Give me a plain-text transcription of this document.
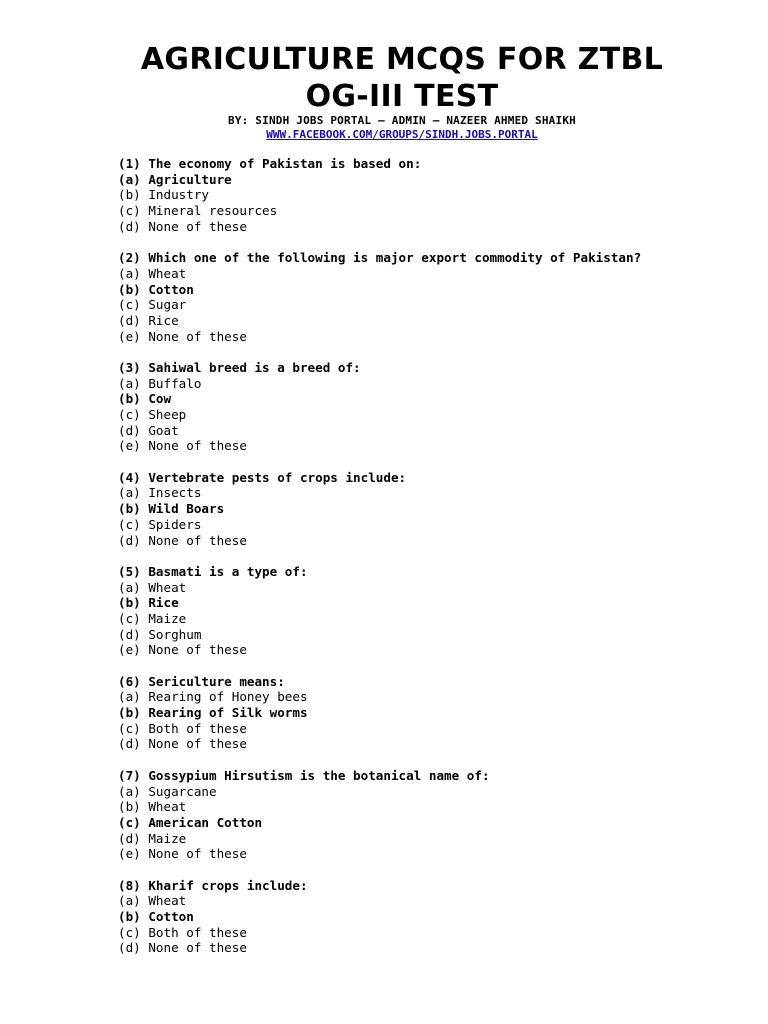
AGRICULTURE MCQS FOR ZTBL
OG-III TEST
BY: SINDH JOBS PORTAL – ADMIN – NAZEER AHMED SHAIKH
WWW.FACEBOOK.COM/GROUPS/SINDH.JOBS.PORTAL
(1) The economy of Pakistan is based on:
(a) Agriculture
(b) Industry
(c) Mineral resources
(d) None of these
(2) Which one of the following is major export commodity of Pakistan?
(a) Wheat
(b) Cotton
(c) Sugar
(d) Rice
(e) None of these
(3) Sahiwal breed is a breed of:
(a) Buffalo
(b) Cow
(c) Sheep
(d) Goat
(e) None of these
(4) Vertebrate pests of crops include:
(a) Insects
(b) Wild Boars
(c) Spiders
(d) None of these
(5) Basmati is a type of:
(a) Wheat
(b) Rice
(c) Maize
(d) Sorghum
(e) None of these
(6) Sericulture means:
(a) Rearing of Honey bees
(b) Rearing of Silk worms
(c) Both of these
(d) None of these
(7) Gossypium Hirsutism is the botanical name of:
(a) Sugarcane
(b) Wheat
(c) American Cotton
(d) Maize
(e) None of these
(8) Kharif crops include:
(a) Wheat
(b) Cotton
(c) Both of these
(d) None of these
